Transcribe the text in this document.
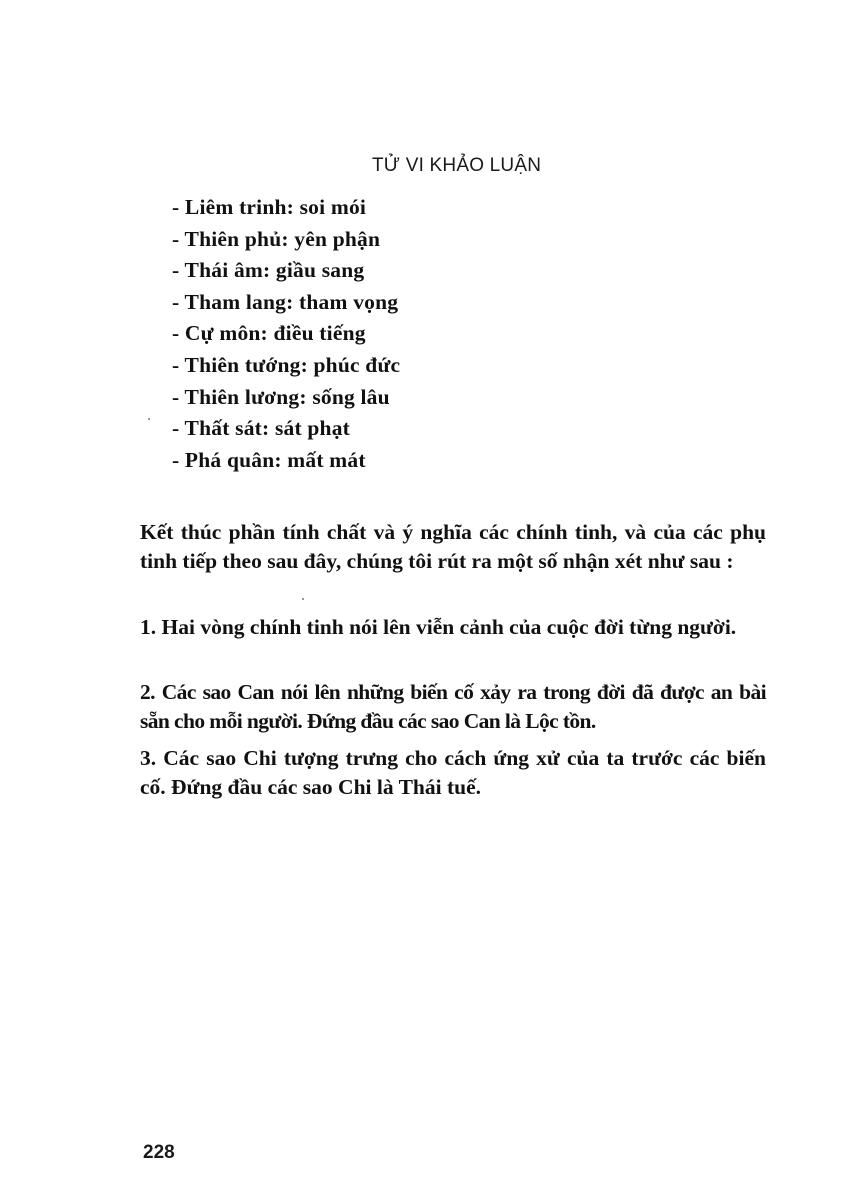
TỬ VI KHẢO LUẬN
- Liêm trinh: soi mói
- Thiên phủ: yên phận
- Thái âm: giầu sang
- Tham lang: tham vọng
- Cự môn: điều tiếng
- Thiên tướng: phúc đức
- Thiên lương: sống lâu
- Thất sát: sát phạt
- Phá quân: mất mát

Kết thúc phần tính chất và ý nghĩa các chính tinh, và của các phụ tinh tiếp theo sau đây, chúng tôi rút ra một số nhận xét như sau :

1. Hai vòng chính tinh nói lên viễn cảnh của cuộc đời từng người.

2. Các sao Can nói lên những biến cố xảy ra trong đời đã được an bài sẵn cho mỗi người. Đứng đầu các sao Can là Lộc tồn.

3. Các sao Chi tượng trưng cho cách ứng xử của ta trước các biến cố. Đứng đầu các sao Chi là Thái tuế.

228
